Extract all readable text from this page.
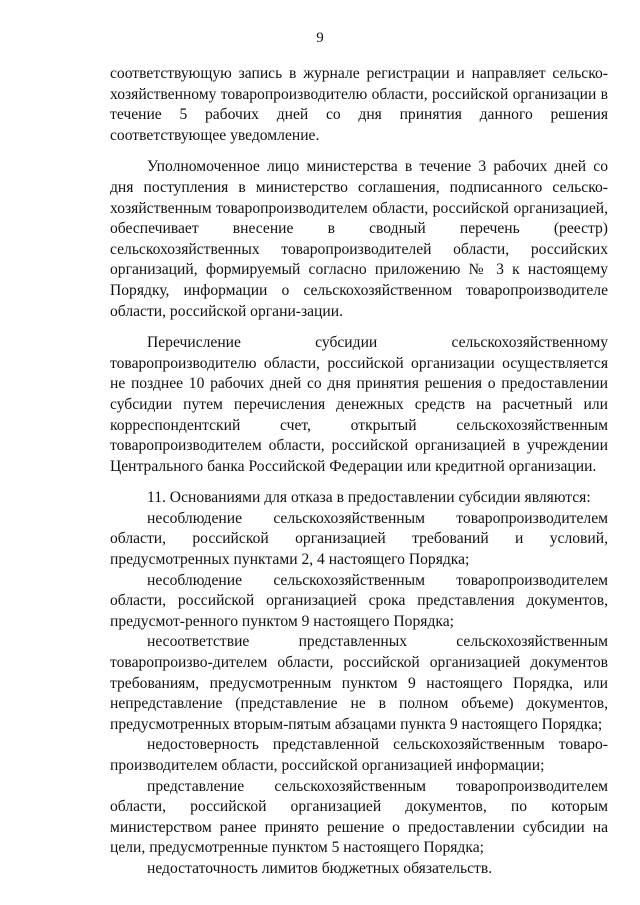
9

соответствующую запись в журнале регистрации и направляет сельско-хозяйственному товаропроизводителю области, российской организации в течение 5 рабочих дней со дня принятия данного решения соответствующее уведомление.

Уполномоченное лицо министерства в течение 3 рабочих дней со дня поступления в министерство соглашения, подписанного сельско-хозяйственным товаропроизводителем области, российской организацией, обеспечивает внесение в сводный перечень (реестр) сельскохозяйственных товаропроизводителей области, российских организаций, формируемый согласно приложению № 3 к настоящему Порядку, информации о сельскохозяйственном товаропроизводителе области, российской органи-зации.

Перечисление субсидии сельскохозяйственному товаропроизводителю области, российской организации осуществляется не позднее 10 рабочих дней со дня принятия решения о предоставлении субсидии путем перечисления денежных средств на расчетный или корреспондентский счет, открытый сельскохозяйственным товаропроизводителем области, российской организацией в учреждении Центрального банка Российской Федерации или кредитной организации.

11. Основаниями для отказа в предоставлении субсидии являются:

несоблюдение сельскохозяйственным товаропроизводителем области, российской организацией требований и условий, предусмотренных пунктами 2, 4 настоящего Порядка;

несоблюдение сельскохозяйственным товаропроизводителем области, российской организацией срока представления документов, предусмот-ренного пунктом 9 настоящего Порядка;

несоответствие представленных сельскохозяйственным товаропроизво-дителем области, российской организацией документов требованиям, предусмотренным пунктом 9 настоящего Порядка, или непредставление (представление не в полном объеме) документов, предусмотренных вторым-пятым абзацами пункта 9 настоящего Порядка;

недостоверность представленной сельскохозяйственным товаро-производителем области, российской организацией информации;

представление сельскохозяйственным товаропроизводителем области, российской организацией документов, по которым министерством ранее принято решение о предоставлении субсидии на цели, предусмотренные пунктом 5 настоящего Порядка;

недостаточность лимитов бюджетных обязательств.
